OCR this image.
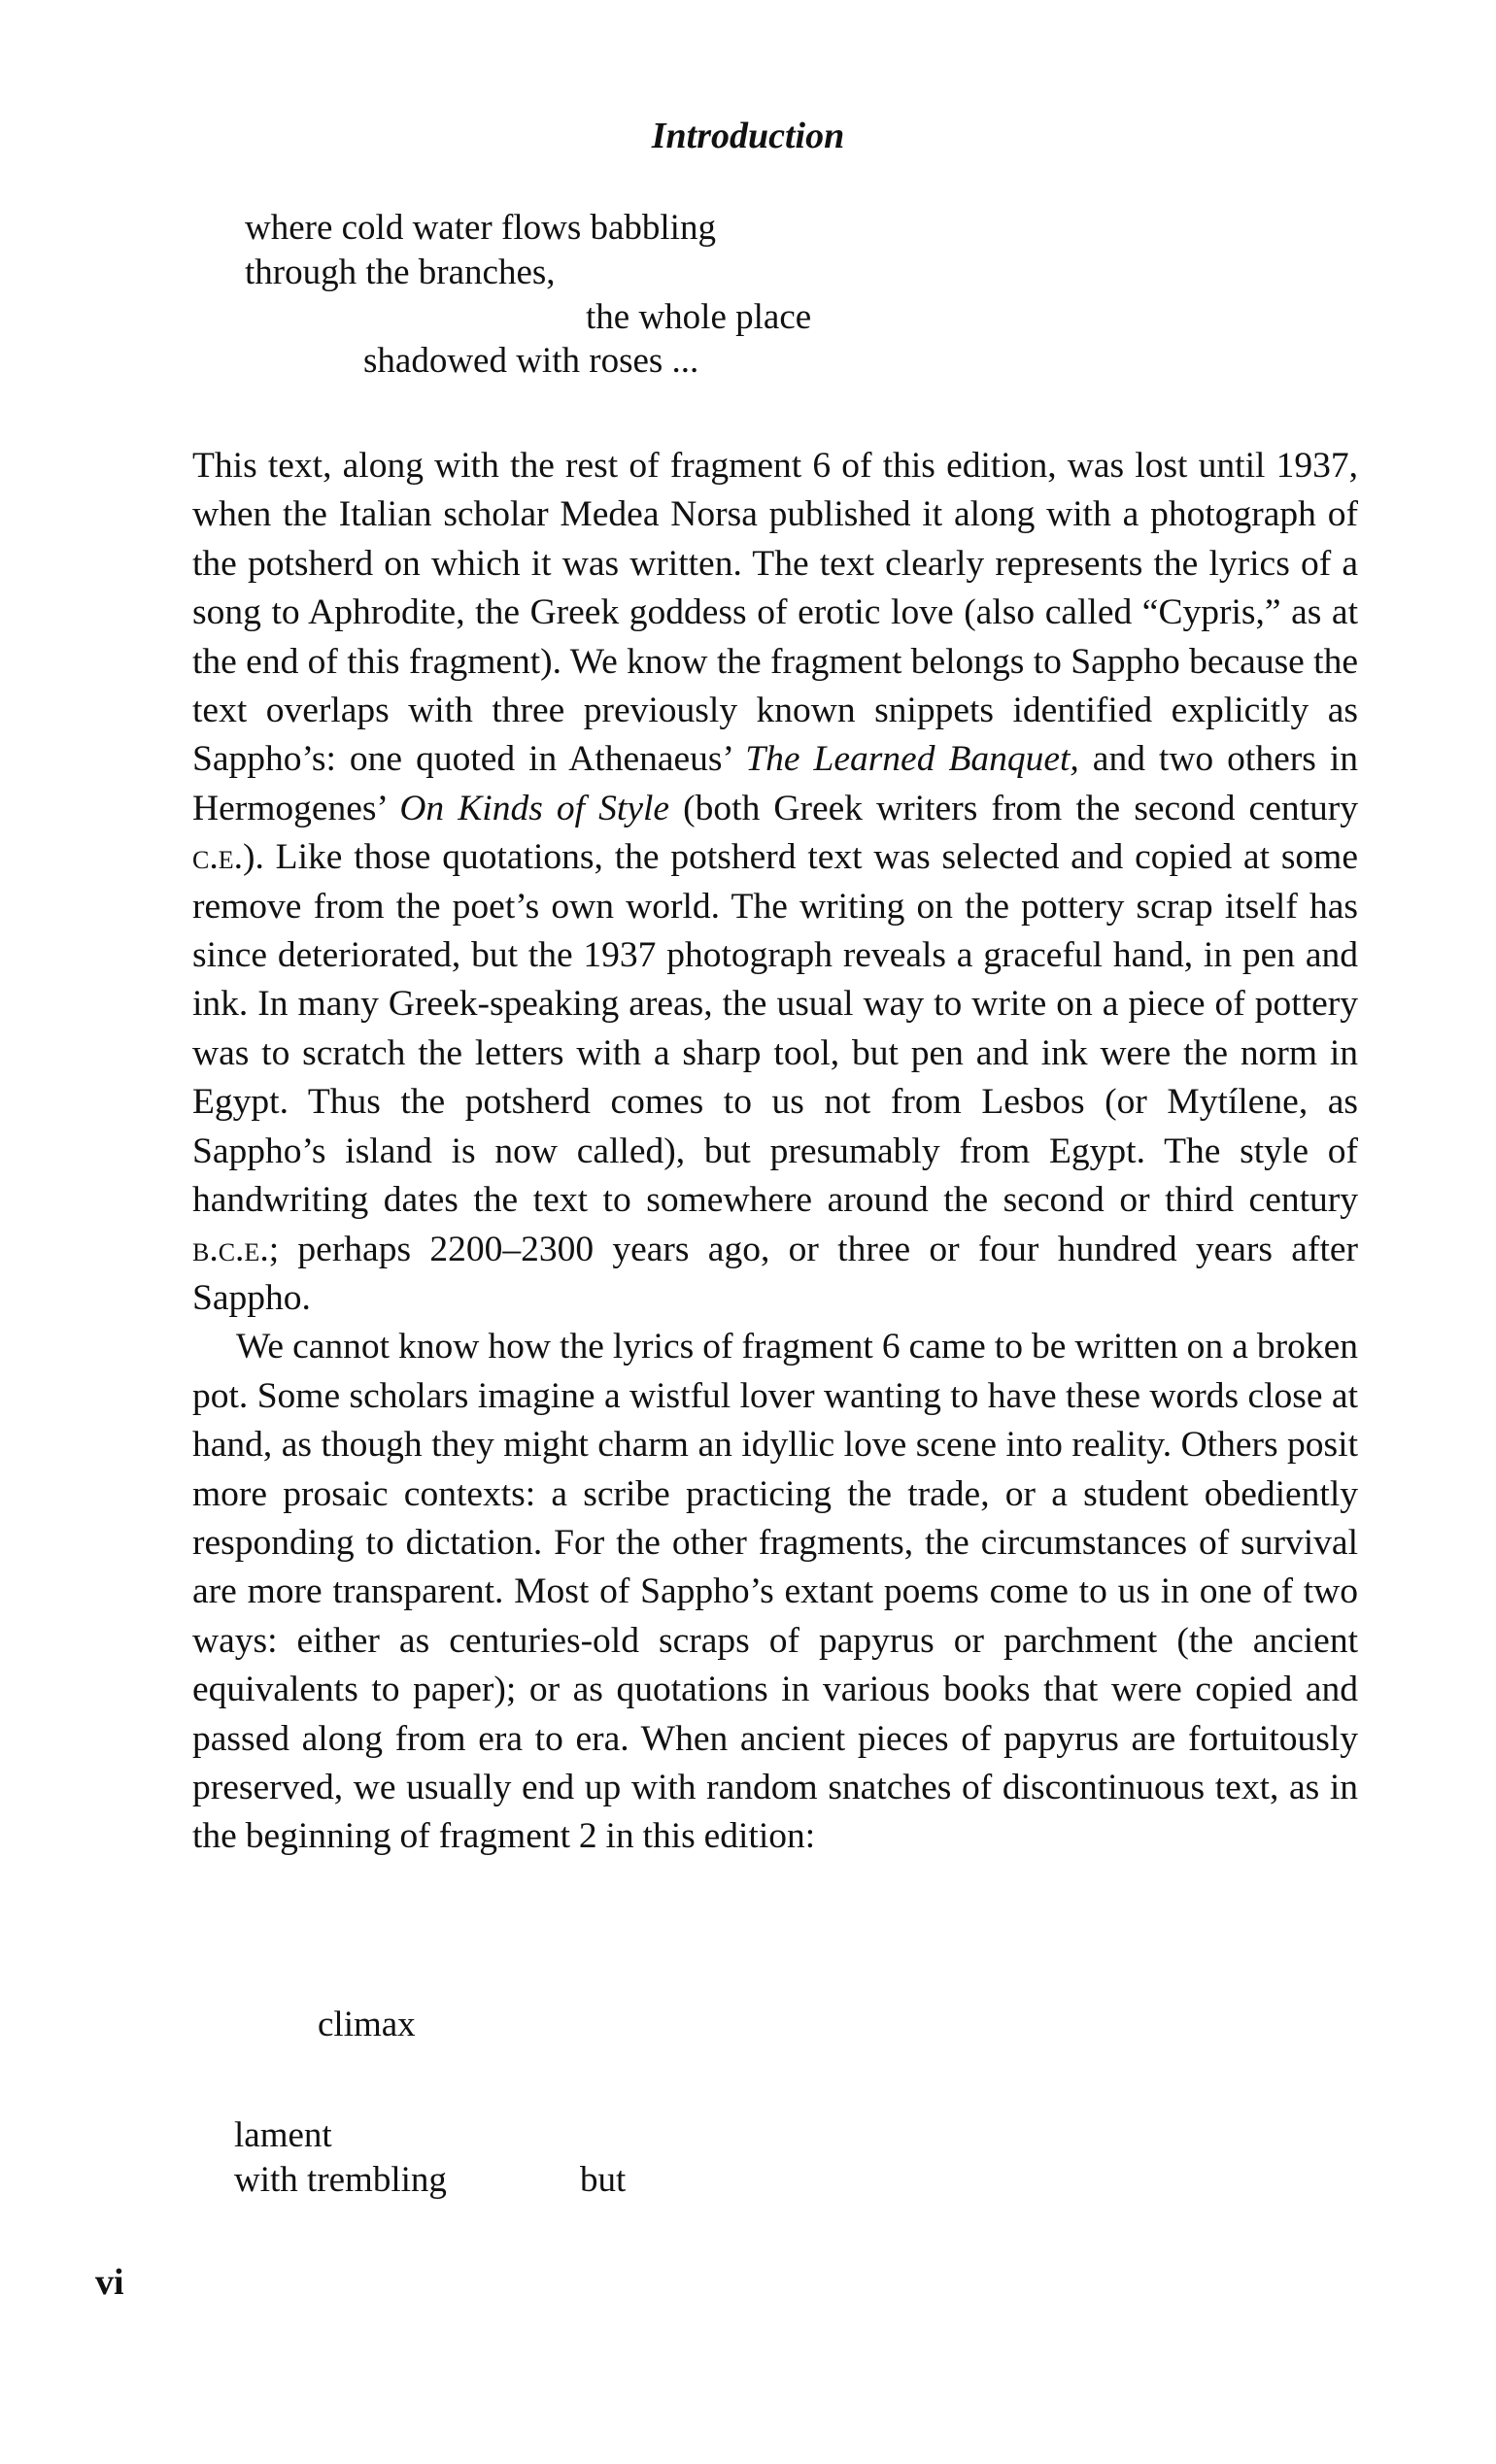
Introduction
where cold water flows babbling
through the branches,
the whole place
shadowed with roses ...

This text, along with the rest of fragment 6 of this edition, was lost until 1937, when the Italian scholar Medea Norsa published it along with a photograph of the potsherd on which it was written. The text clearly represents the lyrics of a song to Aphrodite, the Greek goddess of erotic love (also called “Cypris,” as at the end of this fragment). We know the fragment belongs to Sappho because the text overlaps with three previously known snippets identified explicitly as Sappho’s: one quoted in Athenaeus’ The Learned Banquet, and two others in Hermogenes’ On Kinds of Style (both Greek writers from the second century c.e.). Like those quotations, the potsherd text was selected and copied at some remove from the poet’s own world. The writing on the pottery scrap itself has since deteriorated, but the 1937 photograph reveals a graceful hand, in pen and ink. In many Greek-speaking areas, the usual way to write on a piece of pottery was to scratch the letters with a sharp tool, but pen and ink were the norm in Egypt. Thus the potsherd comes to us not from Lesbos (or Mytílene, as Sappho’s island is now called), but presumably from Egypt. The style of handwriting dates the text to somewhere around the second or third century b.c.e.; perhaps 2200–2300 years ago, or three or four hundred years after Sappho.

We cannot know how the lyrics of fragment 6 came to be written on a broken pot. Some scholars imagine a wistful lover wanting to have these words close at hand, as though they might charm an idyllic love scene into reality. Others posit more prosaic contexts: a scribe practicing the trade, or a student obediently responding to dictation. For the other fragments, the circumstances of survival are more transparent. Most of Sappho’s extant poems come to us in one of two ways: either as centuries-old scraps of papyrus or parchment (the ancient equivalents to paper); or as quotations in various books that were copied and passed along from era to era. When ancient pieces of papyrus are fortuitously preserved, we usually end up with random snatches of discontinuous text, as in the beginning of fragment 2 in this edition:

climax
lament
with trembling	but
vi
